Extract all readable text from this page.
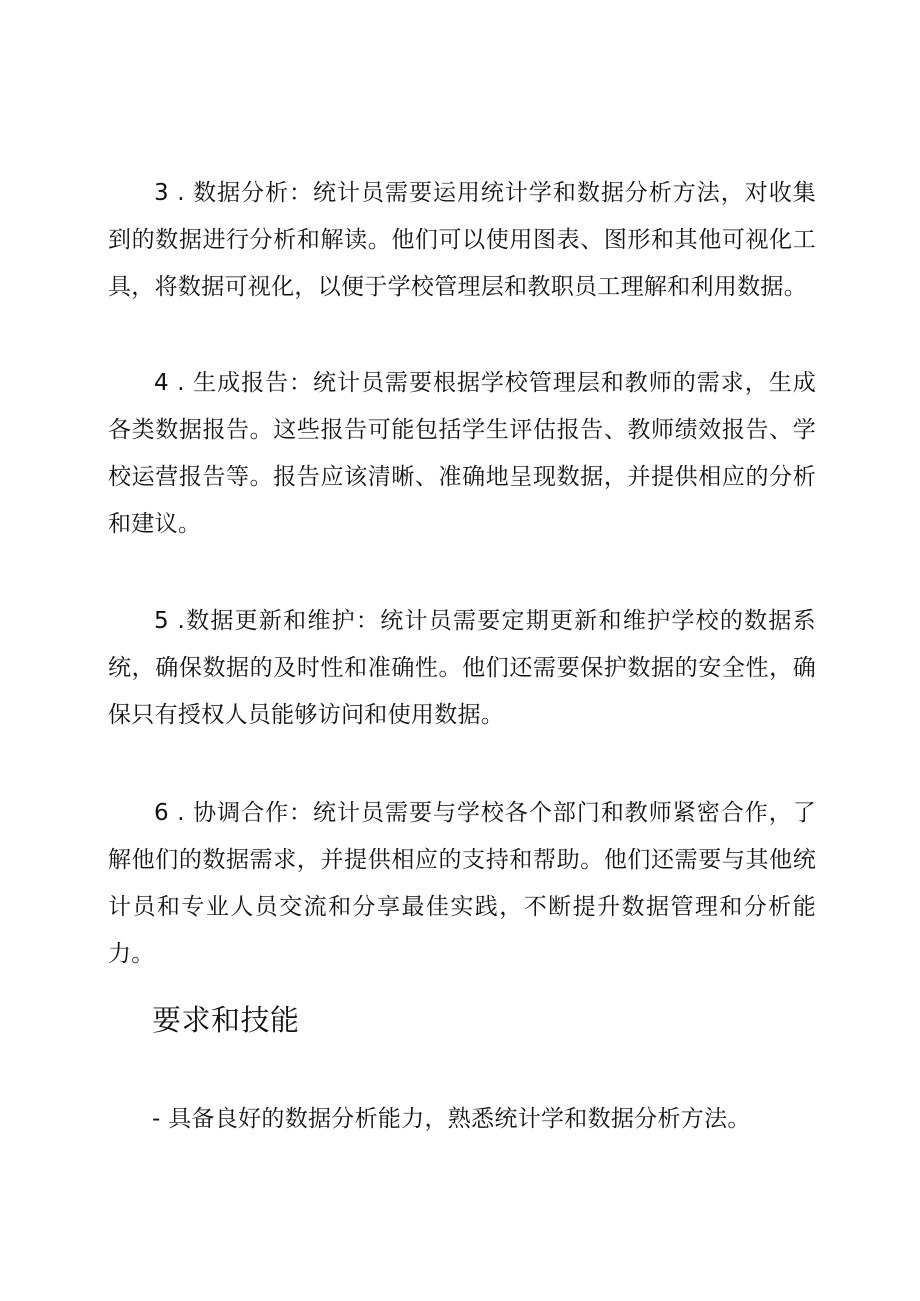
3 . 数据分析：统计员需要运用统计学和数据分析方法，对收集到的数据进行分析和解读。他们可以使用图表、图形和其他可视化工具，将数据可视化，以便于学校管理层和教职员工理解和利用数据。

4 . 生成报告：统计员需要根据学校管理层和教师的需求，生成各类数据报告。这些报告可能包括学生评估报告、教师绩效报告、学校运营报告等。报告应该清晰、准确地呈现数据，并提供相应的分析和建议。

5 .数据更新和维护：统计员需要定期更新和维护学校的数据系统，确保数据的及时性和准确性。他们还需要保护数据的安全性，确保只有授权人员能够访问和使用数据。

6 . 协调合作：统计员需要与学校各个部门和教师紧密合作，了解他们的数据需求，并提供相应的支持和帮助。他们还需要与其他统计员和专业人员交流和分享最佳实践，不断提升数据管理和分析能力。

要求和技能

- 具备良好的数据分析能力，熟悉统计学和数据分析方法。
